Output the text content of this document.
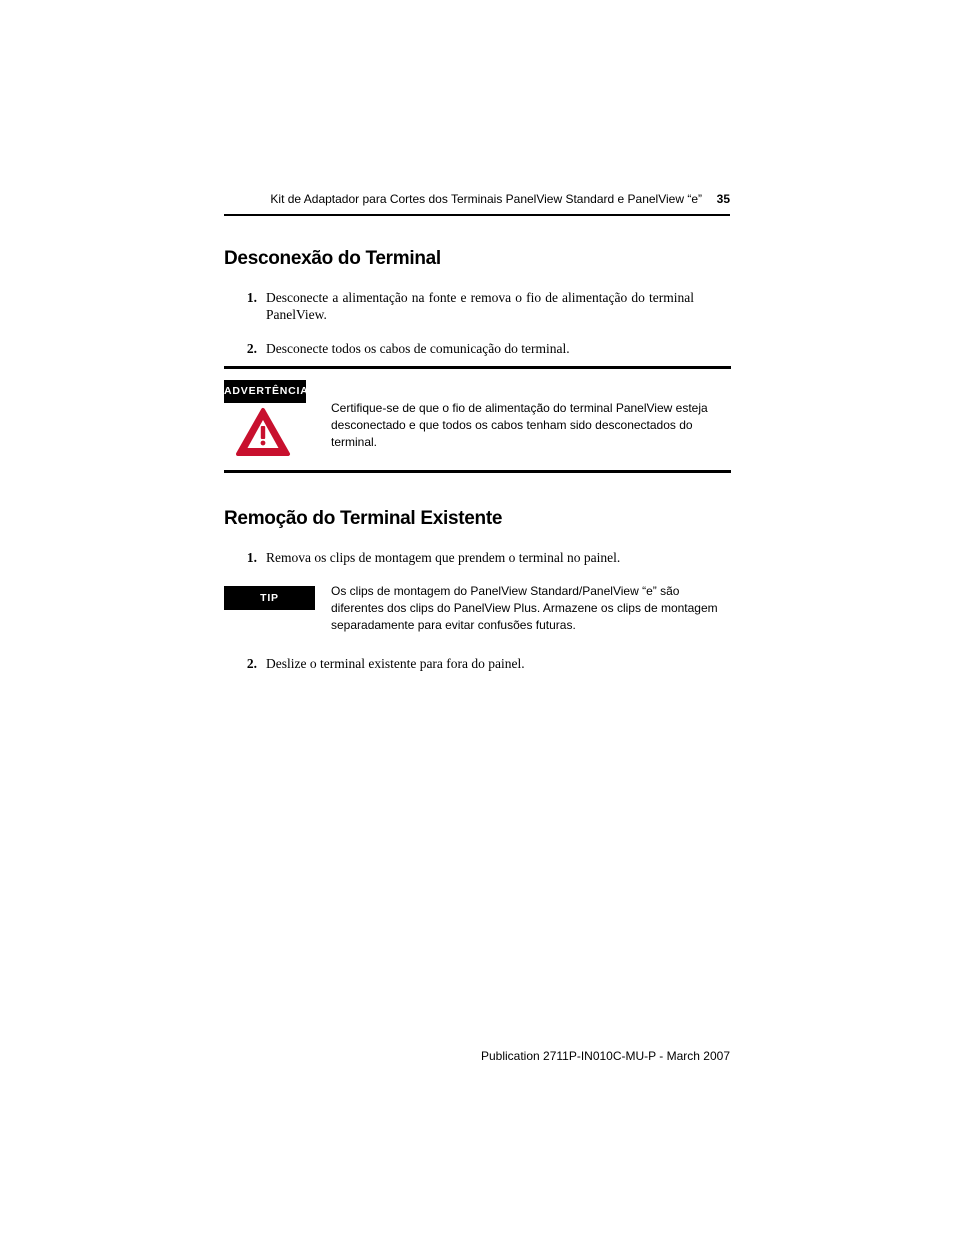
Kit de Adaptador para Cortes dos Terminais PanelView Standard e PanelView “e”	35
Desconexão do Terminal
1. Desconecte a alimentação na fonte e remova o fio de alimentação do terminal PanelView.
2. Desconecte todos os cabos de comunicação do terminal.
ADVERTÊNCIA
Certifique-se de que o fio de alimentação do terminal PanelView esteja desconectado e que todos os cabos tenham sido desconectados do terminal.
Remoção do Terminal Existente
1. Remova os clips de montagem que prendem o terminal no painel.
TIP	Os clips de montagem do PanelView Standard/PanelView “e” são diferentes dos clips do PanelView Plus. Armazene os clips de montagem separadamente para evitar confusões futuras.
2. Deslize o terminal existente para fora do painel.
Publication 2711P-IN010C-MU-P - March 2007
